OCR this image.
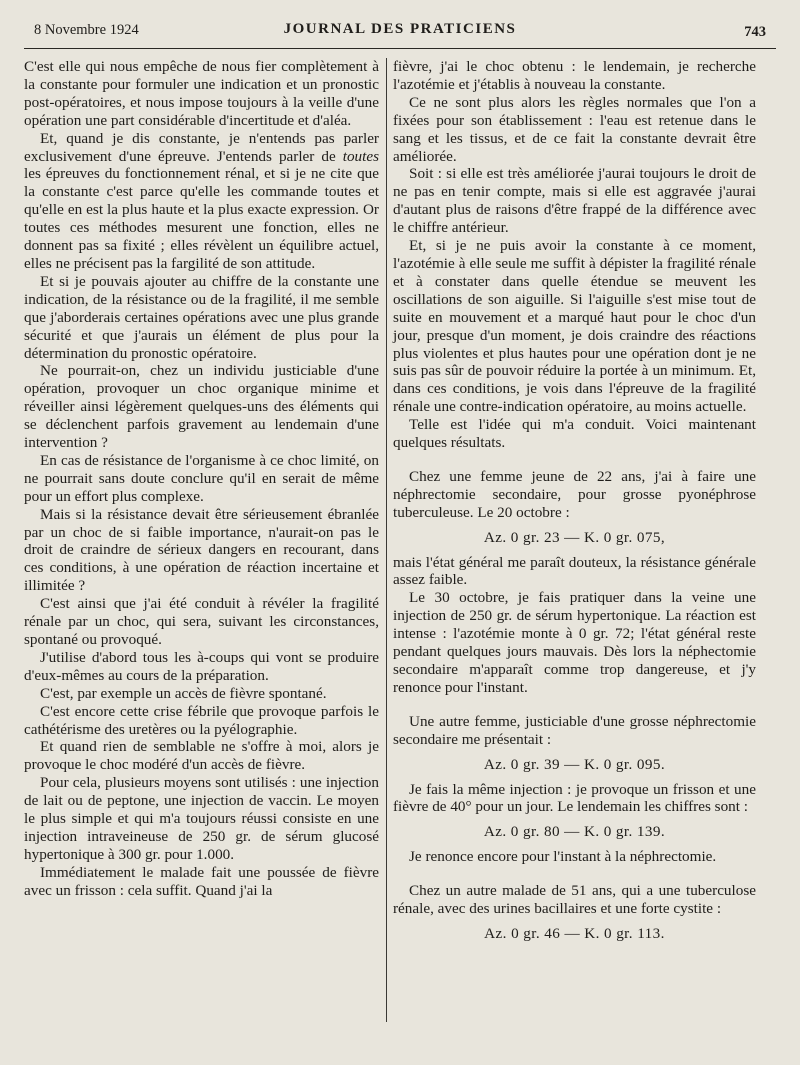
8 Novembre 1924	JOURNAL DES PRATICIENS	743

C'est elle qui nous empêche de nous fier complètement à la constante pour formuler une indication et un pronostic post-opératoires, et nous impose toujours à la veille d'une opération une part considérable d'incertitude et d'aléa.

Et, quand je dis constante, je n'entends pas parler exclusivement d'une épreuve. J'entends parler de toutes les épreuves du fonctionnement rénal, et si je ne cite que la constante c'est parce qu'elle les commande toutes et qu'elle en est la plus haute et la plus exacte expression. Or toutes ces méthodes mesurent une fonction, elles ne donnent pas sa fixité ; elles révèlent un équilibre actuel, elles ne précisent pas la fargilité de son attitude.

Et si je pouvais ajouter au chiffre de la constante une indication, de la résistance ou de la fragilité, il me semble que j'aborderais certaines opérations avec une plus grande sécurité et que j'aurais un élément de plus pour la détermination du pronostic opératoire.

Ne pourrait-on, chez un individu justiciable d'une opération, provoquer un choc organique minime et réveiller ainsi légèrement quelques-uns des éléments qui se déclenchent parfois gravement au lendemain d'une intervention ?

En cas de résistance de l'organisme à ce choc limité, on ne pourrait sans doute conclure qu'il en serait de même pour un effort plus complexe.

Mais si la résistance devait être sérieusement ébranlée par un choc de si faible importance, n'aurait-on pas le droit de craindre de sérieux dangers en recourant, dans ces conditions, à une opération de réaction incertaine et illimitée ?

C'est ainsi que j'ai été conduit à révéler la fragilité rénale par un choc, qui sera, suivant les circonstances, spontané ou provoqué.

J'utilise d'abord tous les à-coups qui vont se produire d'eux-mêmes au cours de la préparation.

C'est, par exemple un accès de fièvre spontané.

C'est encore cette crise fébrile que provoque parfois le cathétérisme des uretères ou la pyélographie.

Et quand rien de semblable ne s'offre à moi, alors je provoque le choc modéré d'un accès de fièvre.

Pour cela, plusieurs moyens sont utilisés : une injection de lait ou de peptone, une injection de vaccin. Le moyen le plus simple et qui m'a toujours réussi consiste en une injection intraveineuse de 250 gr. de sérum glucosé hypertonique à 300 gr. pour 1.000.

Immédiatement le malade fait une poussée de fièvre avec un frisson : cela suffit. Quand j'ai la

fièvre, j'ai le choc obtenu : le lendemain, je recherche l'azotémie et j'établis à nouveau la constante.

Ce ne sont plus alors les règles normales que l'on a fixées pour son établissement : l'eau est retenue dans le sang et les tissus, et de ce fait la constante devrait être améliorée.

Soit : si elle est très améliorée j'aurai toujours le droit de ne pas en tenir compte, mais si elle est aggravée j'aurai d'autant plus de raisons d'être frappé de la différence avec le chiffre antérieur.

Et, si je ne puis avoir la constante à ce moment, l'azotémie à elle seule me suffit à dépister la fragilité rénale et à constater dans quelle étendue se meuvent les oscillations de son aiguille. Si l'aiguille s'est mise tout de suite en mouvement et a marqué haut pour le choc d'un jour, presque d'un moment, je dois craindre des réactions plus violentes et plus hautes pour une opération dont je ne suis pas sûr de pouvoir réduire la portée à un minimum. Et, dans ces conditions, je vois dans l'épreuve de la fragilité rénale une contre-indication opératoire, au moins actuelle.

Telle est l'idée qui m'a conduit. Voici maintenant quelques résultats.

Chez une femme jeune de 22 ans, j'ai à faire une néphrectomie secondaire, pour grosse pyonéphrose tuberculeuse. Le 20 octobre :

Az. 0 gr. 23 — K. 0 gr. 075,

mais l'état général me paraît douteux, la résistance générale assez faible.

Le 30 octobre, je fais pratiquer dans la veine une injection de 250 gr. de sérum hypertonique. La réaction est intense : l'azotémie monte à 0 gr. 72; l'état général reste pendant quelques jours mauvais. Dès lors la néphectomie secondaire m'apparaît comme trop dangereuse, et j'y renonce pour l'instant.

Une autre femme, justiciable d'une grosse néphrectomie secondaire me présentait :

Az. 0 gr. 39 — K. 0 gr. 095.

Je fais la même injection : je provoque un frisson et une fièvre de 40° pour un jour. Le lendemain les chiffres sont :

Az. 0 gr. 80 — K. 0 gr. 139.

Je renonce encore pour l'instant à la néphrectomie.

Chez un autre malade de 51 ans, qui a une tuberculose rénale, avec des urines bacillaires et une forte cystite :

Az. 0 gr. 46 — K. 0 gr. 113.
